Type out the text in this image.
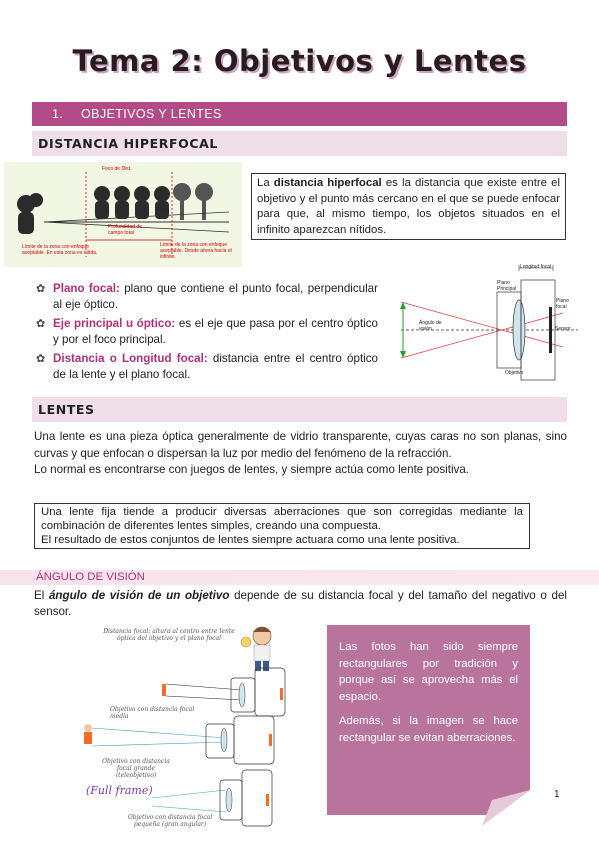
Tema 2: Objetivos y Lentes
1. OBJETIVOS Y LENTES
DISTANCIA HIPERFOCAL
Foco de Dist.
Profundidad de campo total
Límite de la zona con enfoque aceptable. En esta zona es nítida.
Límite de la zona con enfoque aceptable. Desde ahora hacia el infinito.
La distancia hiperfocal es la distancia que existe entre el objetivo y el punto más cercano en el que se puede enfocar para que, al mismo tiempo, los objetos situados en el infinito aparezcan nítidos.
✿ Plano focal: plano que contiene el punto focal, perpendicular al eje óptico.
✿ Eje principal u óptico: es el eje que pasa por el centro óptico y por el foco principal.
✿ Distancia o Longitud focal: distancia entre el centro óptico de la lente y el plano focal.
Longitud focal
Plano Principal
Plano focal
Ángulo de visión
Objetivo
Sensor
LENTES
Una lente es una pieza óptica generalmente de vidrio transparente, cuyas caras no son planas, sino curvas y que enfocan o dispersan la luz por medio del fenómeno de la refracción.
Lo normal es encontrarse con juegos de lentes, y siempre actúa como lente positiva.
Una lente fija tiende a producir diversas aberraciones que son corregidas mediante la combinación de diferentes lentes simples, creando una compuesta.
El resultado de estos conjuntos de lentes siempre actuara como una lente positiva.
ÁNGULO DE VISIÓN
El ángulo de visión de un objetivo depende de su distancia focal y del tamaño del negativo o del sensor.
Distancia focal: altura al centro entre lente óptica del objetivo y el plano focal
Objetivo con distancia focal media
Objetivo con distancia focal grande (teleobjetivo)
(Full frame)
Objetivo con distancia focal pequeña (gran angular)

Las fotos han sido siempre rectangulares por tradición y porque así se aprovecha más el espacio.

Además, si la imagen se hace rectangular se evitan aberraciones.

1
